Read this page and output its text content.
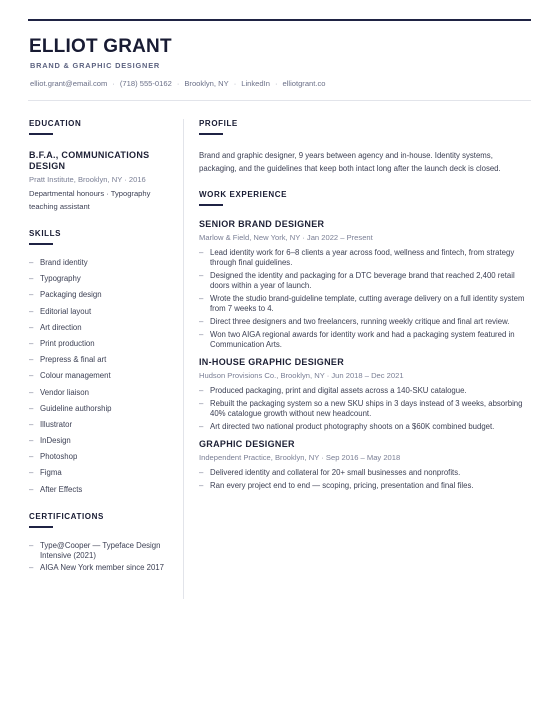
ELLIOT GRANT
BRAND & GRAPHIC DESIGNER
elliot.grant@email.com · (718) 555-0162 · Brooklyn, NY · LinkedIn · elliotgrant.co
EDUCATION
B.F.A., COMMUNICATIONS DESIGN
Pratt Institute, Brooklyn, NY · 2016
Departmental honours · Typography teaching assistant
SKILLS
– Brand identity
– Typography
– Packaging design
– Editorial layout
– Art direction
– Print production
– Prepress & final art
– Colour management
– Vendor liaison
– Guideline authorship
– Illustrator
– InDesign
– Photoshop
– Figma
– After Effects
CERTIFICATIONS
– Type@Cooper — Typeface Design Intensive (2021)
– AIGA New York member since 2017
PROFILE

Brand and graphic designer, 9 years between agency and in-house. Identity systems, packaging, and the guidelines that keep both intact long after the launch deck is closed.

WORK EXPERIENCE
SENIOR BRAND DESIGNER
Marlow & Field, New York, NY · Jan 2022 – Present
– Lead identity work for 6–8 clients a year across food, wellness and fintech, from strategy through final guidelines.
– Designed the identity and packaging for a DTC beverage brand that reached 2,400 retail doors within a year of launch.
– Wrote the studio brand-guideline template, cutting average delivery on a full identity system from 7 weeks to 4.
– Direct three designers and two freelancers, running weekly critique and final art review.
– Won two AIGA regional awards for identity work and had a packaging system featured in Communication Arts.
IN-HOUSE GRAPHIC DESIGNER
Hudson Provisions Co., Brooklyn, NY · Jun 2018 – Dec 2021
– Produced packaging, print and digital assets across a 140-SKU catalogue.
– Rebuilt the packaging system so a new SKU ships in 3 days instead of 3 weeks, absorbing 40% catalogue growth without new headcount.
– Art directed two national product photography shoots on a $60K combined budget.
GRAPHIC DESIGNER
Independent Practice, Brooklyn, NY · Sep 2016 – May 2018
– Delivered identity and collateral for 20+ small businesses and nonprofits.
– Ran every project end to end — scoping, pricing, presentation and final files.
